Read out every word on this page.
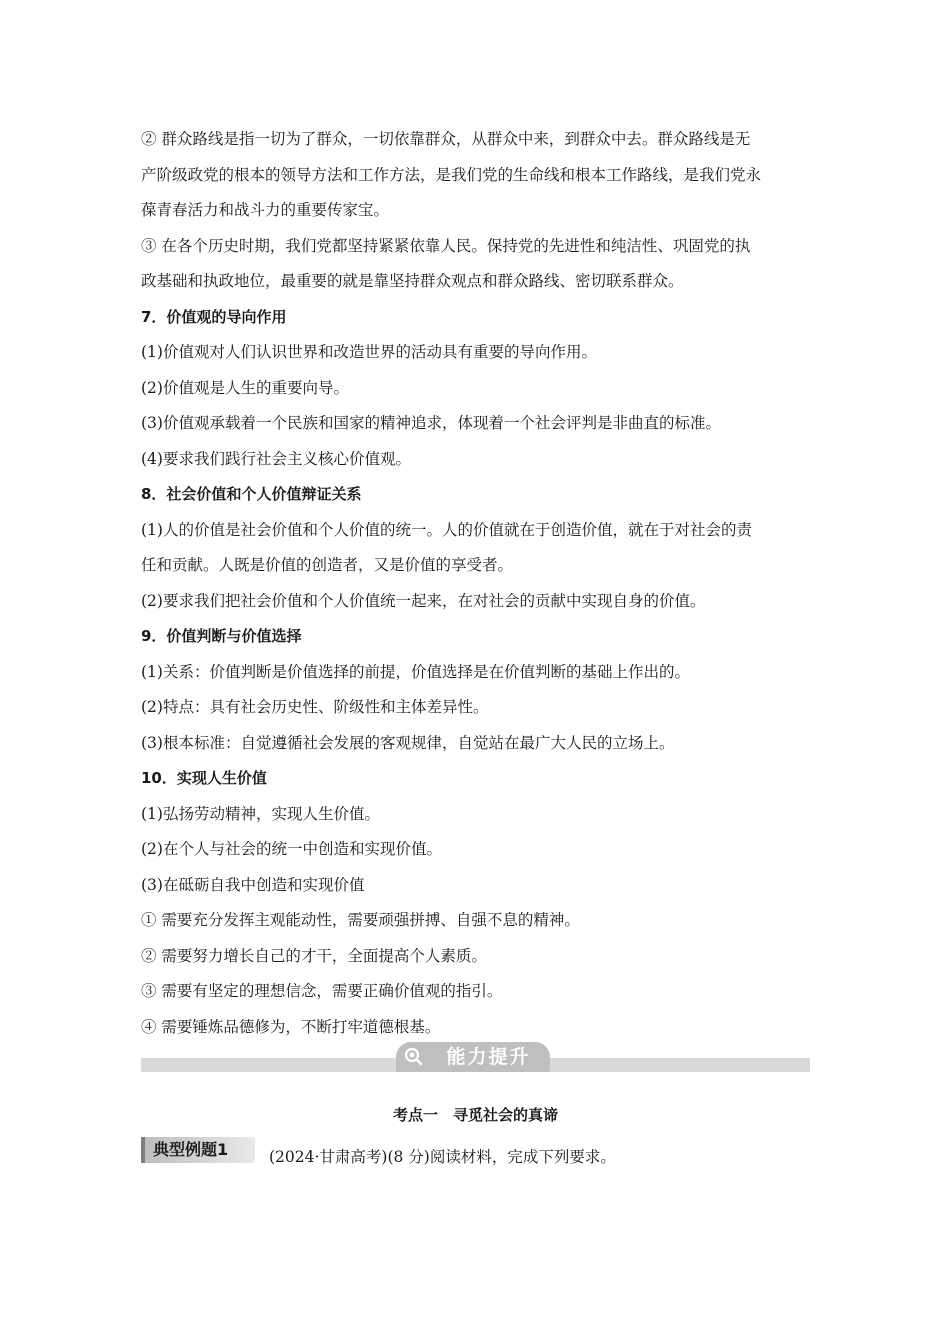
② 群众路线是指一切为了群众，一切依靠群众，从群众中来，到群众中去。群众路线是无
产阶级政党的根本的领导方法和工作方法，是我们党的生命线和根本工作路线，是我们党永
葆青春活力和战斗力的重要传家宝。
③ 在各个历史时期，我们党都坚持紧紧依靠人民。保持党的先进性和纯洁性、巩固党的执
政基础和执政地位，最重要的就是靠坚持群众观点和群众路线、密切联系群众。
7．价值观的导向作用
(1)价值观对人们认识世界和改造世界的活动具有重要的导向作用。
(2)价值观是人生的重要向导。
(3)价值观承载着一个民族和国家的精神追求，体现着一个社会评判是非曲直的标准。
(4)要求我们践行社会主义核心价值观。
8．社会价值和个人价值辩证关系
(1)人的价值是社会价值和个人价值的统一。人的价值就在于创造价值，就在于对社会的责
任和贡献。人既是价值的创造者，又是价值的享受者。
(2)要求我们把社会价值和个人价值统一起来，在对社会的贡献中实现自身的价值。
9．价值判断与价值选择
(1)关系：价值判断是价值选择的前提，价值选择是在价值判断的基础上作出的。
(2)特点：具有社会历史性、阶级性和主体差异性。
(3)根本标准：自觉遵循社会发展的客观规律，自觉站在最广大人民的立场上。
10．实现人生价值
(1)弘扬劳动精神，实现人生价值。
(2)在个人与社会的统一中创造和实现价值。
(3)在砥砺自我中创造和实现价值
① 需要充分发挥主观能动性，需要顽强拼搏、自强不息的精神。
② 需要努力增长自己的才干，全面提高个人素质。
③ 需要有坚定的理想信念，需要正确价值观的指引。
④ 需要锤炼品德修为，不断打牢道德根基。
能力提升
考点一　寻觅社会的真谛
典型例题1	(2024·甘肃高考)(8 分)阅读材料，完成下列要求。
